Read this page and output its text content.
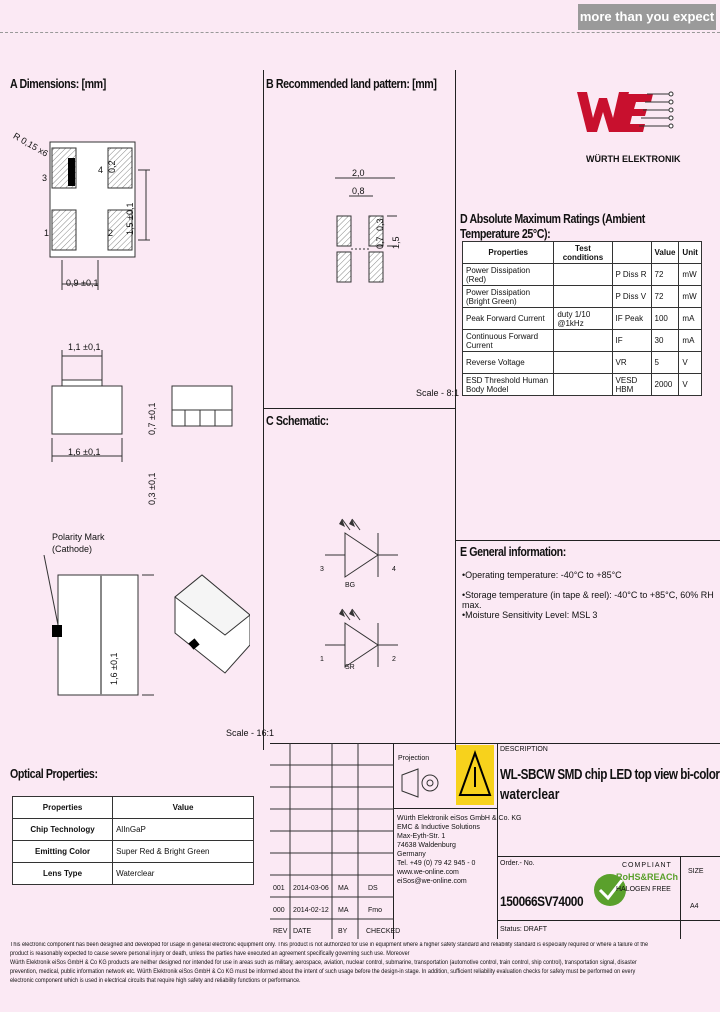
more than you expect
A Dimensions: [mm]	B Recommended land pattern: [mm]
C Schematic:
D Absolute Maximum Ratings (Ambient Temperature 25°C):
E General information:
Optical Properties:
WÜRTH ELEKTRONIK
R 0,15 x6
3
4
1	2
0,2
1,5 ±0,1
0,9 ±0,1
1,1 ±0,1
0,7 ±0,1
0,3 ±0,1
1,6 ±0,1
Polarity Mark
(Cathode)
1,6 ±0,1
Scale - 16:1
2,0
0,8
0,3
0,7 1,5
Scale - 8:1
3	4
BG
1	2
SR
Properties	Test conditions		Value	Unit
Power Dissipation (Red)		P Diss R	72	mW
Power Dissipation (Bright Green)		P Diss V	72	mW
Peak Forward Current	duty 1/10 @1kHz	IF Peak	100	mA
Continuous Forward Current		IF	30	mA
Reverse Voltage		VR	5	V
ESD Threshold Human Body Model		VESD HBM	2000	V
•Operating temperature: -40°C to +85°C
•Storage temperature (in tape & reel): -40°C to +85°C, 60% RH max.
•Moisture Sensitivity Level: MSL 3
Properties	Value
Chip Technology	AlInGaP
Emitting Color	Super Red & Bright Green
Lens Type	Waterclear
001 2014-03-06 MA	DS
000 2014-02-12 MA	Fmo
REV DATE	BY	CHECKED
Projection
DESCRIPTION
WL-SBCW SMD chip LED top view bi-color
waterclear
Würth Elektronik eiSos GmbH & Co. KG
EMC & Inductive Solutions
Max-Eyth-Str. 1
74638 Waldenburg
Germany
Tel. +49 (0) 79 42 945 - 0
www.we-online.com
eiSos@we-online.com
Order.- No.
150066SV74000
COMPLIANT
RoHS&REACh
HALOGEN FREE
SIZE
A4
Status: DRAFT
This electronic component has been designed and developed for usage in general electronic equipment only. This product is not authorized for use in equipment where a higher safety standard and reliability standard is especially required or where a failure of the product is reasonably expected to cause severe personal injury or death, unless the parties have executed an agreement specifically governing such use. Moreover
Würth Elektronik eiSos GmbH & Co KG products are neither designed nor intended for use in areas such as military, aerospace, aviation, nuclear control, submarine, transportation (automotive control, train control, ship control), transportation signal, disaster prevention, medical, public information network etc. Würth Elektronik eiSos GmbH & Co KG must be informed about the intent of such usage before the design-in stage. In addition, sufficient reliability evaluation checks for safety must be performed on every electronic component which is used in electrical circuits that require high safety and reliability functions or performance.
